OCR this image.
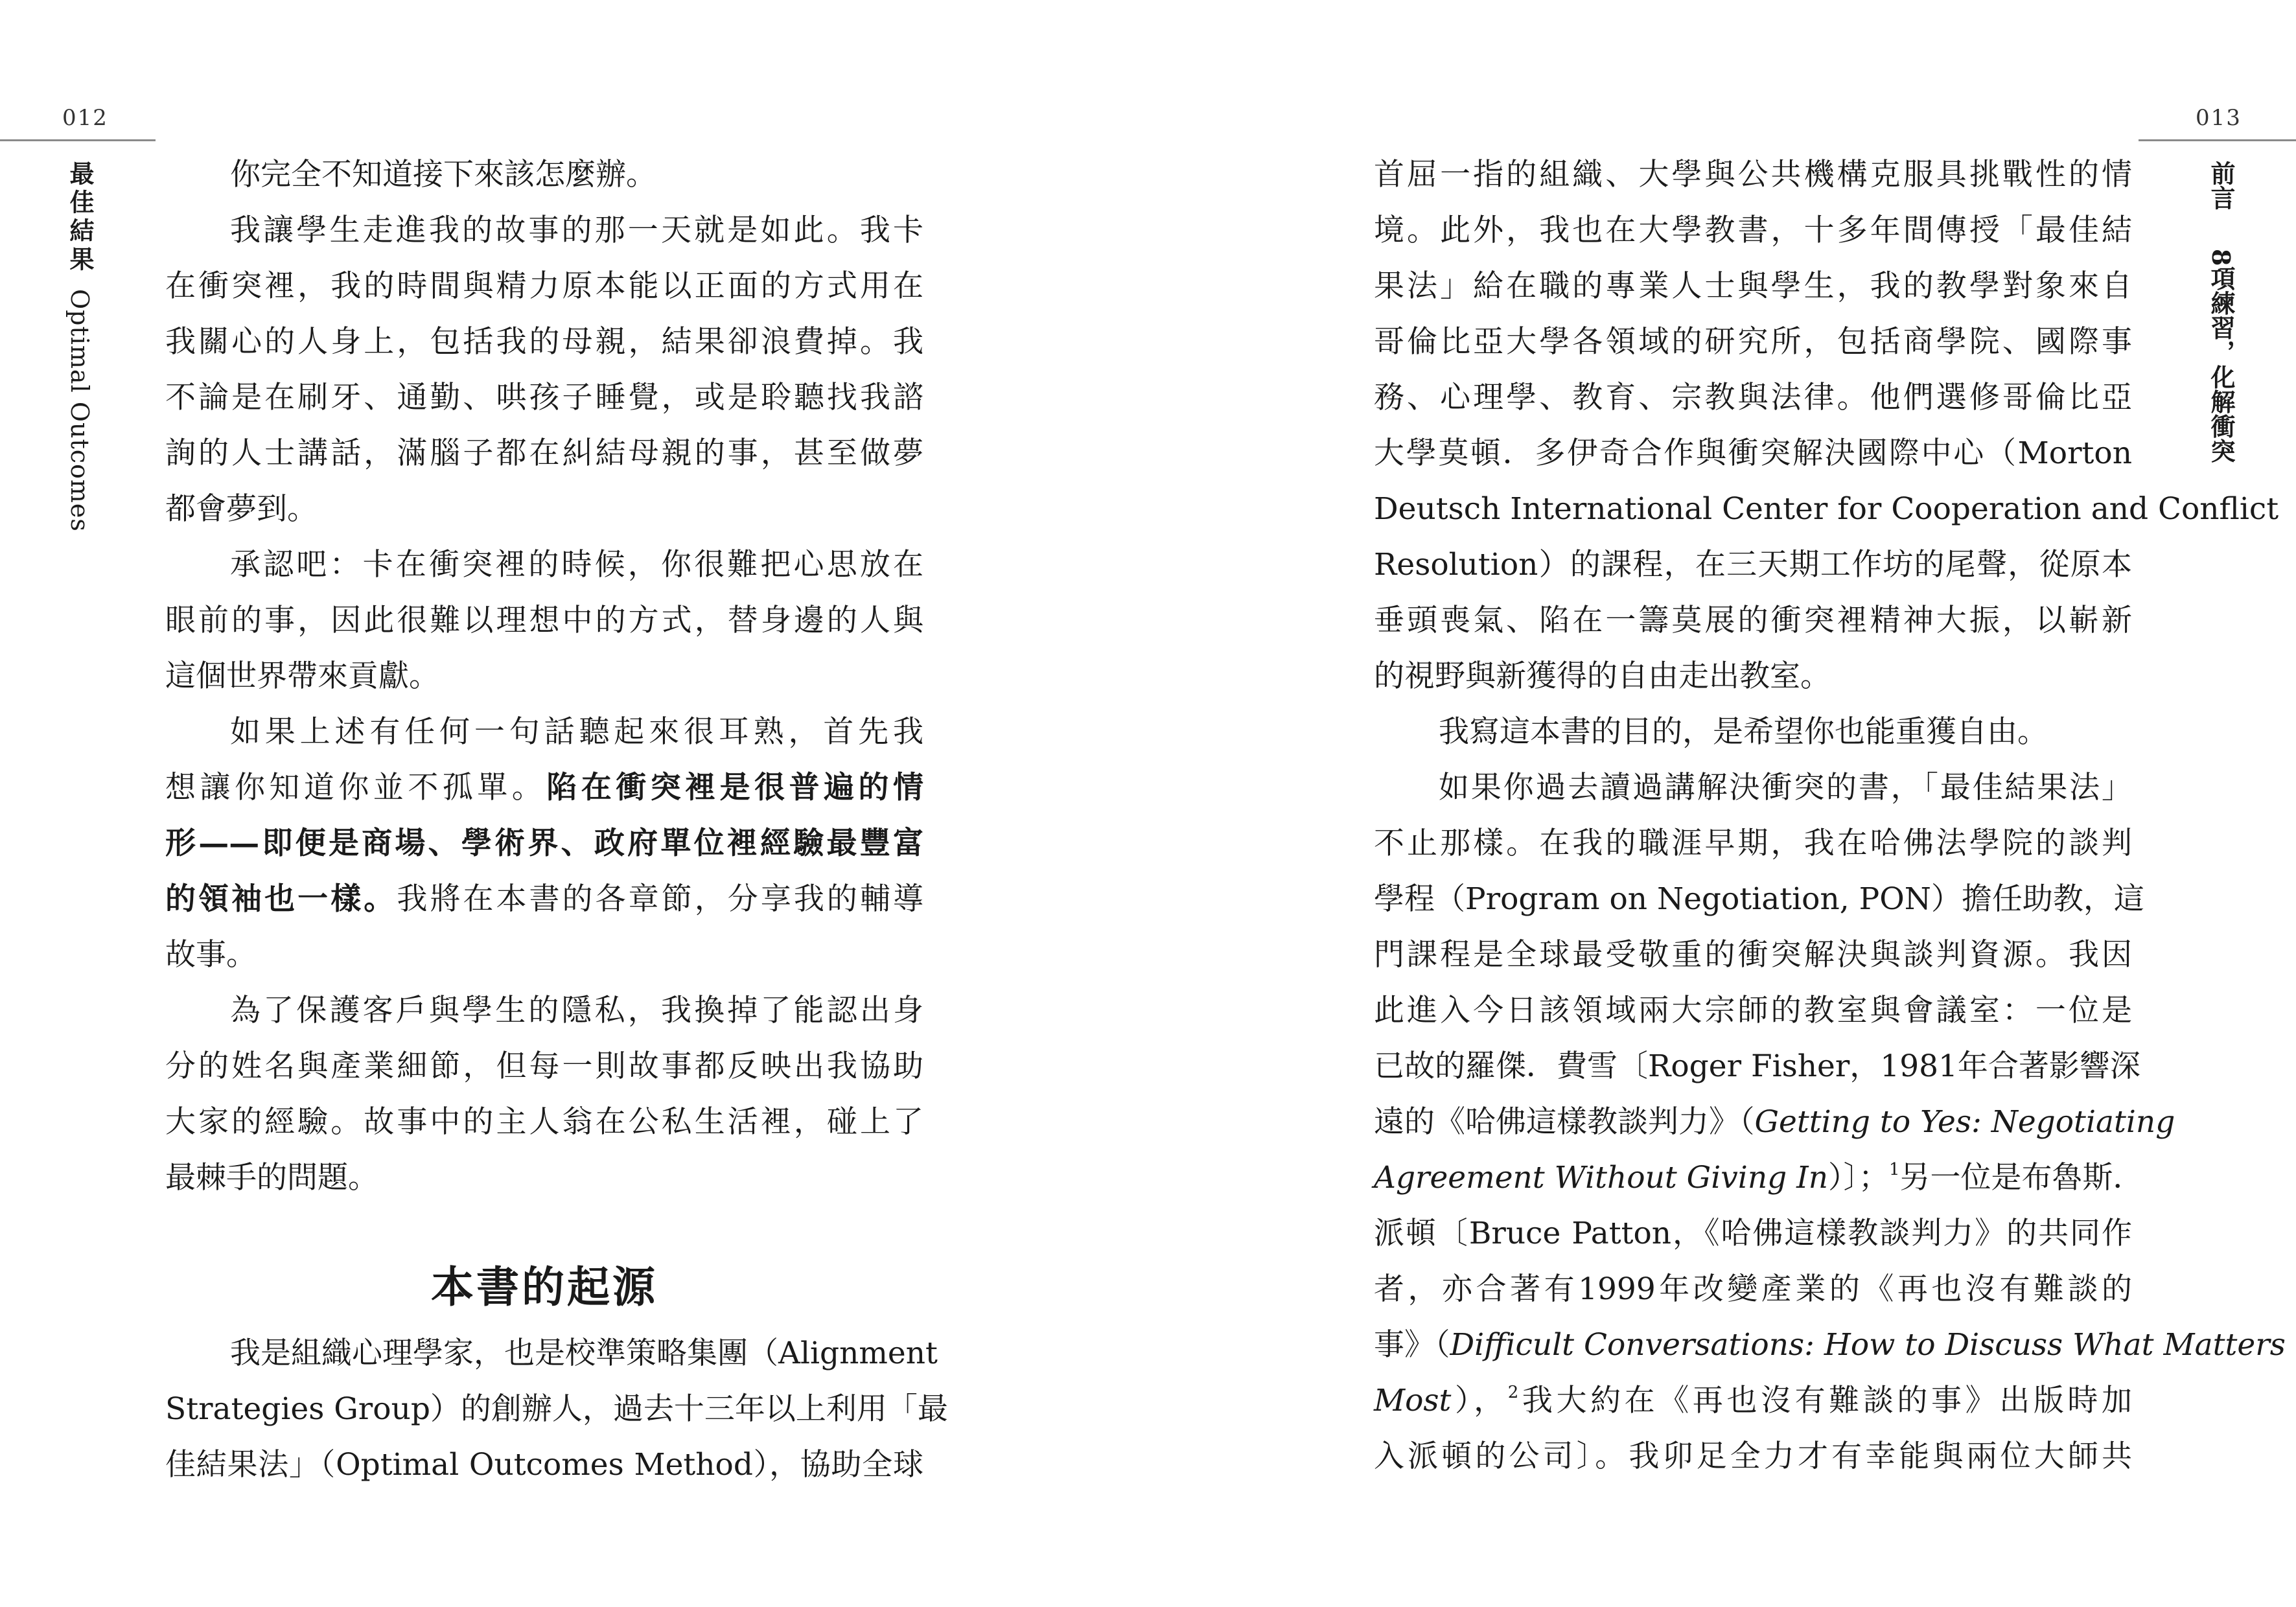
012
最佳結果Optimal Outcomes
013
前言8項練習，化解衝突
你完全不知道接下來該怎麼辦。
我讓學生走進我的故事的那一天就是如此。我卡
在衝突裡，我的時間與精力原本能以正面的方式用在
我關心的人身上，包括我的母親，結果卻浪費掉。我
不論是在刷牙、通勤、哄孩子睡覺，或是聆聽找我諮
詢的人士講話，滿腦子都在糾結母親的事，甚至做夢
都會夢到。
承認吧：卡在衝突裡的時候，你很難把心思放在
眼前的事，因此很難以理想中的方式，替身邊的人與
這個世界帶來貢獻。
如果上述有任何一句話聽起來很耳熟，首先我
想讓你知道你並不孤單。陷在衝突裡是很普遍的情
形——即便是商場、學術界、政府單位裡經驗最豐富
的領袖也一樣。我將在本書的各章節，分享我的輔導
故事。
為了保護客戶與學生的隱私，我換掉了能認出身
分的姓名與產業細節，但每一則故事都反映出我協助
大家的經驗。故事中的主人翁在公私生活裡，碰上了
最棘手的問題。
本書的起源
我是組織心理學家，也是校準策略集團（Alignment
Strategies Group）的創辦人，過去十三年以上利用「最
佳結果法」（Optimal Outcomes Method），協助全球
首屈一指的組織、大學與公共機構克服具挑戰性的情
境。此外，我也在大學教書，十多年間傳授「最佳結
果法」給在職的專業人士與學生，我的教學對象來自
哥倫比亞大學各領域的研究所，包括商學院、國際事
務、心理學、教育、宗教與法律。他們選修哥倫比亞
大學莫頓．多伊奇合作與衝突解決國際中心（Morton
Deutsch International Center for Cooperation and Conflict
Resolution）的課程，在三天期工作坊的尾聲，從原本
垂頭喪氣、陷在一籌莫展的衝突裡精神大振，以嶄新
的視野與新獲得的自由走出教室。
我寫這本書的目的，是希望你也能重獲自由。
如果你過去讀過講解決衝突的書，「最佳結果法」
不止那樣。在我的職涯早期，我在哈佛法學院的談判
學程（Program on Negotiation, PON）擔任助教，這
門課程是全球最受敬重的衝突解決與談判資源。我因
此進入今日該領域兩大宗師的教室與會議室：一位是
已故的羅傑．費雪〔Roger Fisher，1981年合著影響深
遠的《哈佛這樣教談判力》（Getting to Yes: Negotiating
Agreement Without Giving In）〕；$^1$另一位是布魯斯．
派頓〔Bruce Patton，《哈佛這樣教談判力》的共同作
者，亦合著有1999年改變產業的《再也沒有難談的
事》（Difficult Conversations: How to Discuss What Matters
Most），$^2$我大約在《再也沒有難談的事》出版時加
入派頓的公司〕。我卯足全力才有幸能與兩位大師共
